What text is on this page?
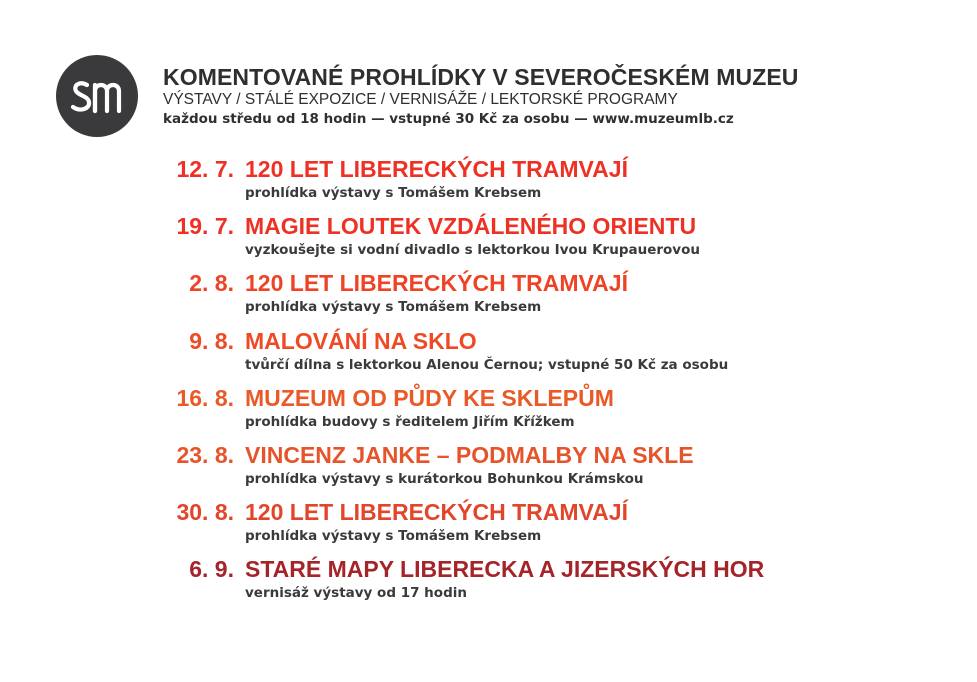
KOMENTOVANÉ PROHLÍDKY V SEVEROČESKÉM MUZEU
VÝSTAVY / STÁLÉ EXPOZICE / VERNISÁŽE / LEKTORSKÉ PROGRAMY
každou středu od 18 hodin — vstupné 30 Kč za osobu — www.muzeumlb.cz
12. 7. 120 LET LIBERECKÝCH TRAMVAJÍ
prohlídka výstavy s Tomášem Krebsem
19. 7. MAGIE LOUTEK VZDÁLENÉHO ORIENTU
vyzkoušejte si vodní divadlo s lektorkou Ivou Krupauerovou
2. 8. 120 LET LIBERECKÝCH TRAMVAJÍ
prohlídka výstavy s Tomášem Krebsem
9. 8. MALOVÁNÍ NA SKLO
tvůrčí dílna s lektorkou Alenou Černou; vstupné 50 Kč za osobu
16. 8. MUZEUM OD PŮDY KE SKLEPŮM
prohlídka budovy s ředitelem Jiřím Křížkem
23. 8. VINCENZ JANKE – PODMALBY NA SKLE
prohlídka výstavy s kurátorkou Bohunkou Krámskou
30. 8. 120 LET LIBERECKÝCH TRAMVAJÍ
prohlídka výstavy s Tomášem Krebsem
6. 9. STARÉ MAPY LIBERECKA A JIZERSKÝCH HOR
vernisáž výstavy od 17 hodin
